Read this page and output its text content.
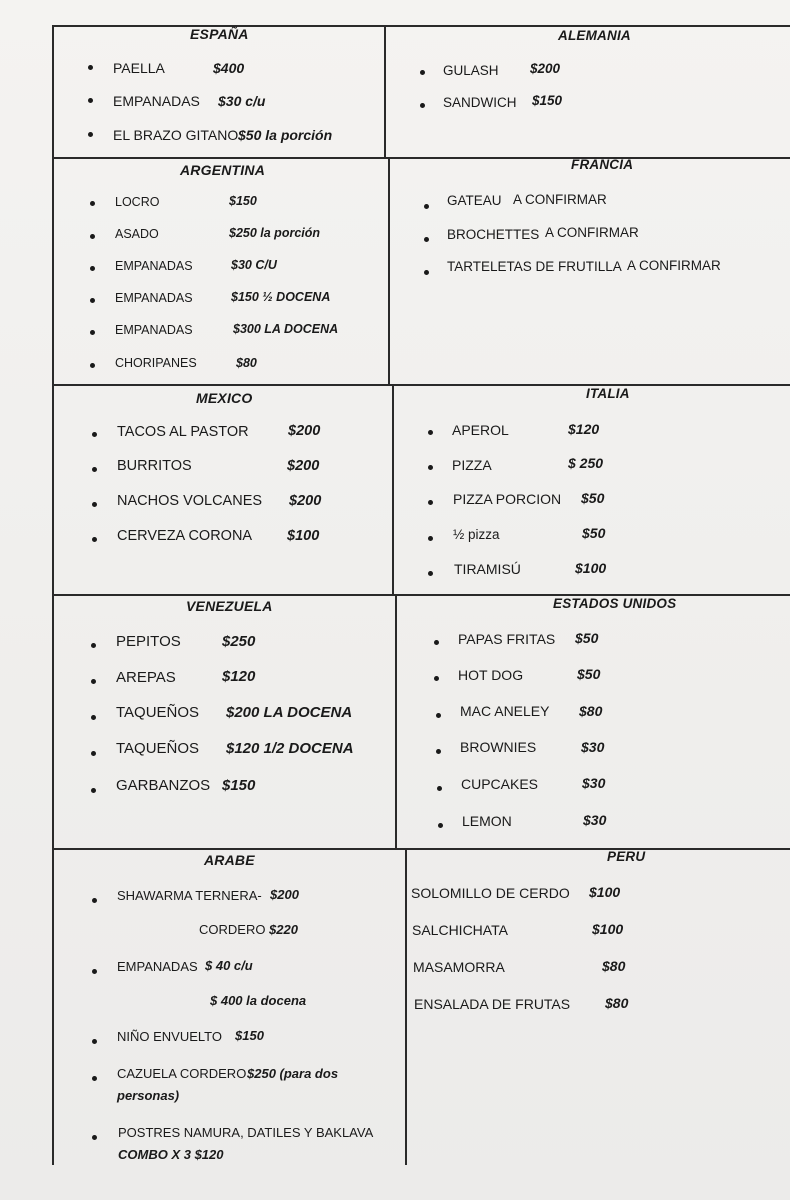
ESPAÑA
PAELLA	$400
EMPANADAS $30 c/u
EL BRAZO GITANO $50 la porción
ALEMANIA
GULASH $200
SANDWICH $150
ARGENTINA
LOCRO	$150
ASADO	$250 la porción
EMPANADAS	$30 C/U
EMPANADAS	$150 ½ DOCENA
EMPANADAS	$300 LA DOCENA
CHORIPANES	$80
FRANCIA
GATEAU A CONFIRMAR
BROCHETTES A CONFIRMAR
TARTELETAS DE FRUTILLA A CONFIRMAR
MEXICO
TACOS AL PASTOR	$200
BURRITOS	$200
NACHOS VOLCANES $200
CERVEZA CORONA $100
ITALIA
APEROL	$120
PIZZA	$ 250
PIZZA PORCION $50
½ pizza	$50
TIRAMISÚ	$100
VENEZUELA
PEPITOS	$250
AREPAS	$120
TAQUEÑOS $200 LA DOCENA
TAQUEÑOS $120 1/2 DOCENA
GARBANZOS $150
ESTADOS UNIDOS
PAPAS FRITAS $50
HOT DOG	$50
MAC ANELEY $80
BROWNIES	$30
CUPCAKES	$30
LEMON	$30
ARABE
SHAWARMA TERNERA- $200
CORDERO $220
EMPANADAS $ 40 c/u
$ 400 la docena
NIÑO ENVUELTO $150
CAZUELA CORDERO $250 (para dos
personas)
POSTRES NAMURA, DATILES Y BAKLAVA
COMBO X 3 $120
PERU
SOLOMILLO DE CERDO $100
SALCHICHATA	$100
MASAMORRA	$80
ENSALADA DE FRUTAS $80
